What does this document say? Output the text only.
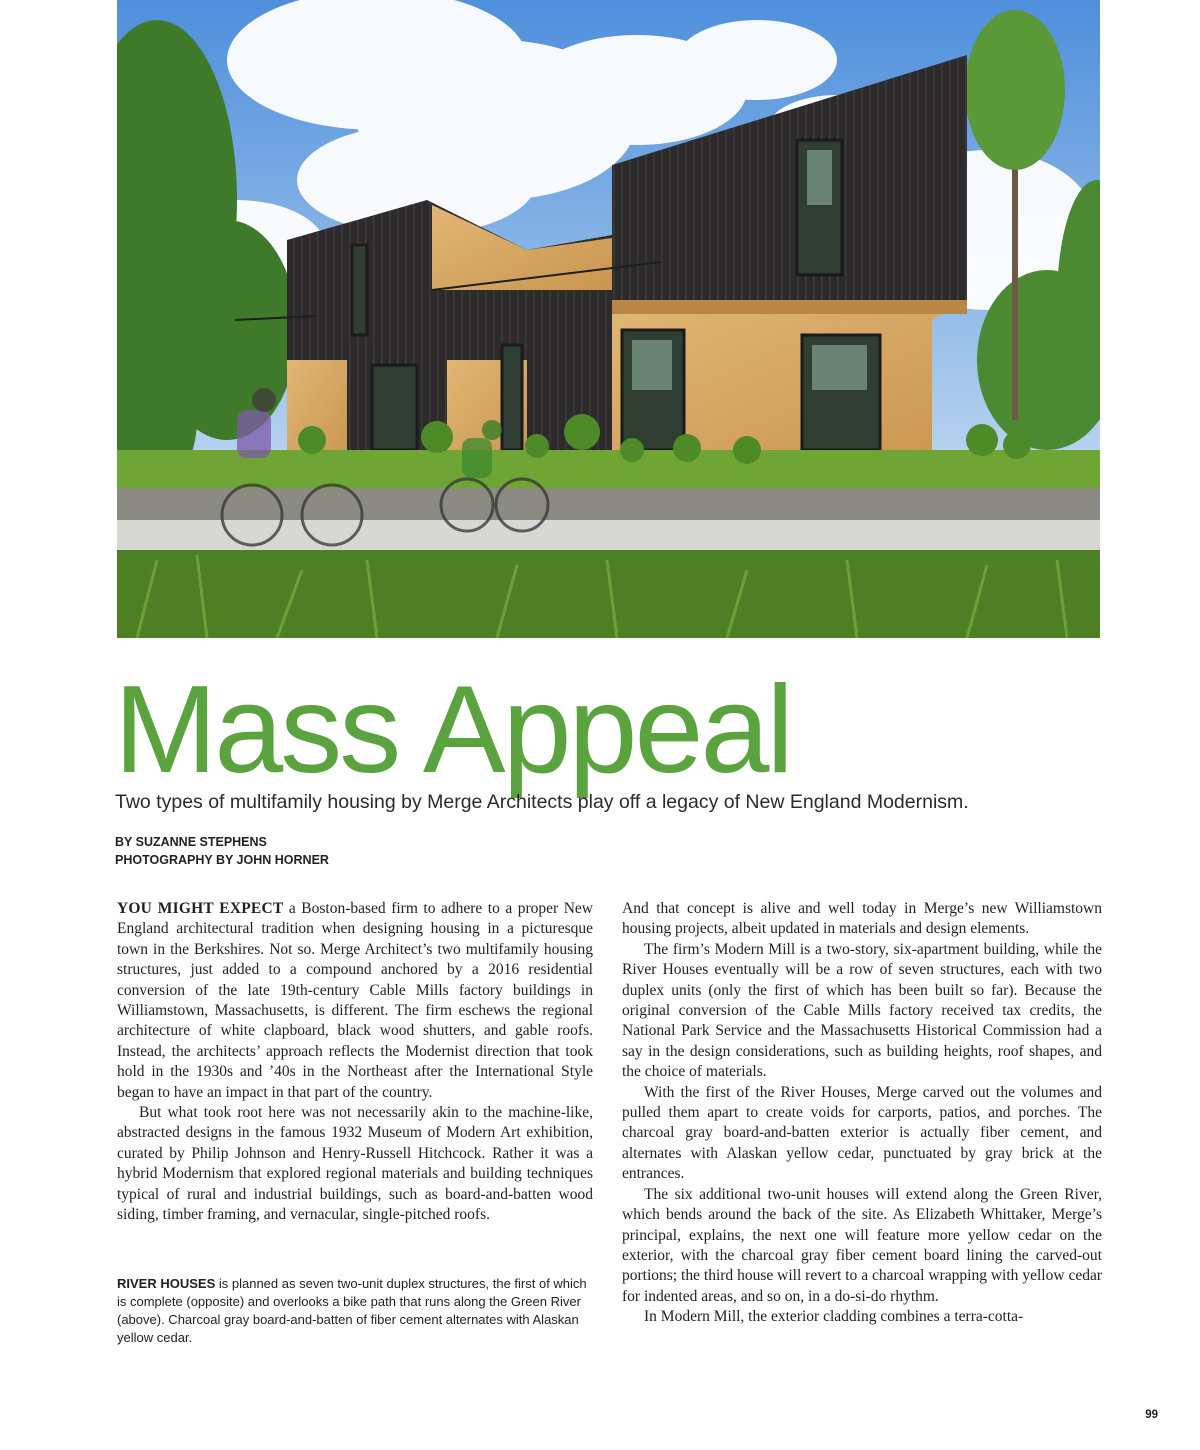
Mass Appeal

Two types of multifamily housing by Merge Architects play off a legacy of New England Modernism.

BY SUZANNE STEPHENS
PHOTOGRAPHY BY JOHN HORNER

YOU MIGHT EXPECT a Boston-based firm to adhere to a proper New England architectural tradition when designing housing in a picturesque town in the Berkshires. Not so. Merge Architect’s two multifamily housing structures, just added to a compound anchored by a 2016 residential conversion of the late 19th-century Cable Mills factory buildings in Williamstown, Massachusetts, is different. The firm eschews the regional architecture of white clapboard, black wood shutters, and gable roofs. Instead, the architects’ approach reflects the Modernist direction that took hold in the 1930s and ’40s in the Northeast after the International Style began to have an impact in that part of the country.

But what took root here was not necessarily akin to the machine-like, abstracted designs in the famous 1932 Museum of Modern Art exhibition, curated by Philip Johnson and Henry-Russell Hitchcock. Rather it was a hybrid Modernism that explored regional materials and building techniques typical of rural and industrial buildings, such as board-and-batten wood siding, timber framing, and vernacular, single-pitched roofs.

RIVER HOUSES is planned as seven two-unit duplex structures, the first of which is complete (opposite) and overlooks a bike path that runs along the Green River (above). Charcoal gray board-and-batten of fiber cement alternates with Alaskan yellow cedar.

And that concept is alive and well today in Merge’s new Williamstown housing projects, albeit updated in materials and design elements.

The firm’s Modern Mill is a two-story, six-apartment building, while the River Houses eventually will be a row of seven structures, each with two duplex units (only the first of which has been built so far). Because the original conversion of the Cable Mills factory received tax credits, the National Park Service and the Massachusetts Historical Commission had a say in the design considerations, such as building heights, roof shapes, and the choice of materials.

With the first of the River Houses, Merge carved out the volumes and pulled them apart to create voids for carports, patios, and porches. The charcoal gray board-and-batten exterior is actually fiber cement, and alternates with Alaskan yellow cedar, punctuated by gray brick at the entrances.

The six additional two-unit houses will extend along the Green River, which bends around the back of the site. As Elizabeth Whittaker, Merge’s principal, explains, the next one will feature more yellow cedar on the exterior, with the charcoal gray fiber cement board lining the carved-out portions; the third house will revert to a charcoal wrapping with yellow cedar for indented areas, and so on, in a do-si-do rhythm.

In Modern Mill, the exterior cladding combines a terra-cotta-

99
